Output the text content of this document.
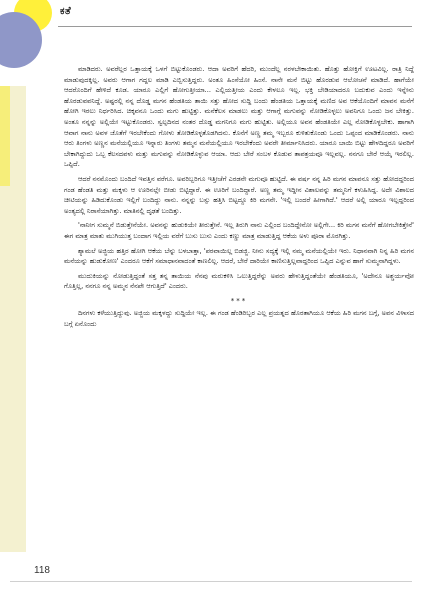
ಕತೆ

ಮಾಡಿದರು. ಅವರೆಲ್ಲರ ಒತ್ತಾಯಕ್ಕೆ ಒಳಗೆ ಬಿಟ್ಟುಕೊಂಡರು. ಆದಾ ಅವರಿಗೆ ಹೆದರಿ, ಮುಂದೆಲ್ಲ ನರಳಬೇಕಾಯಿತು. ಹೊತ್ತು ಹೋಕ್ತಿಗೆ ಊಟವಿಲ್ಲ. ರಾತ್ರಿ ನಿದ್ದೆ ಮಾಡುವುದಕ್ಕಿಲ್ಲ. ಅವರು ಆಗಾಗ ಗದ್ದಲ ಮಾಡಿ ಎಬ್ಬಿಸುತ್ತಿದ್ದರು. ಅಂತೂ ಹಿಂಸೆಯೋ ಹಿಂಸೆ. ನಾನೇ ಮನೆ ಬಿಟ್ಟು ಹೊರಡುವ ಆಲೋಚನೆ ಮಾಡಿದೆ. ಹಾಗೆಯೇ ಆದರೊಂದಿಗೆ ಹೇಳಿದೆ ಕೂಡ. ಯಾರೂ ಎಲ್ಲಿಗೆ ಹೋಗುತ್ತೀಯಾ... ಎಲ್ಲಿಯತ್ತೀಯ ಎಂದು ಕೇಳಲೂ ಇಲ್ಲ. ಭಕ್ತಿ ಬೇಡಿಯಾದರೂ ಬದುಕುವ ಎಂದು ಇನ್ನೇನು ಹೊರಡುವವನಿದ್ದೆ. ಅಷ್ಟರಲ್ಲಿ ನನ್ನ ದೊಡ್ಡ ಮಗನ ಹೆಂಡತಿಯ ತಾಯಿ ಸತ್ತು ಹೋದ ಸುದ್ದಿ ಬಂದು ಹೆಂಡತಿಯ ಒತ್ತಾಯಕ್ಕೆ ಮಣಿದ ಅವ ಆಕೆಯೊಂದಿಗೆ ಮಾವನ ಮನೆಗೆ ಹೋಗಿ ಇರಲು ನಿರ್ಧರಿಸಿದ. ಚಿಕ್ಕವನೂ ಒಂದು ಮಗು ಹುಟ್ಟಿತ್ತು. ಮನೆಕೆಲಸ ಮಾಡಲು ಮತ್ತು ಆಗಾಗ್ಗೆ ಮಗುವನ್ನು ನೋಡಿಕೊಳ್ಳಲು ಅವನಿಗೂ ಒಂದು ಜನ ಬೇಕಿತ್ತು. ಅಂತೂ ನನ್ನನ್ನು ಅಲ್ಲಿಯೇ ಇಟ್ಟುಕೊಂಡರು. ಸ್ವಲ್ಪದಿನದ ನಂತರ ದೊಡ್ಡ ಮಗನಿಗೂ ಮಗು ಹುಟ್ಟಿತು. ಅಲ್ಲಿಯೂ ಅವನ ಹೆಂಡತಿಯೇ ಎಲ್ಲ ನೋಡಿಕೊಳ್ಳಬೇಕು. ಹಾಗಾಗಿ ಆವಾಗ ನಾನು ಅವಳ ಜೊತೆಗೆ ಇರಬೇಕೆಂದು ಗೋಳು ತೋಡಿಕೊಳ್ಳತೊಡಗಿದನು. ಕೊನೆಗೆ ಅಣ್ಣ ತಮ್ಮ ಇಬ್ಬರೂ ಕುಳಿತುಕೊಂಡು ಒಂದು ಒಪ್ಪಂದ ಮಾಡಿಕೊಂಡರು. ನಾನು ಆರು ತಿಂಗಳು ಅಣ್ಣನ ಮನೆಯಲ್ಲಿಯೂ ಇನ್ನಾರು ತಿಂಗಳು ತಮ್ಮನ ಮನೆಯಲ್ಲಿಯೂ ಇರಬೇಕೆಂದು ಅವರೇ ತೀರ್ಮಾನಿಸಿದರು. ಯಾರೂ ಬಾಯಿ ಬಿಟ್ಟು ಹೇಳದಿದ್ದರೂ ಅವರಿಗೆ ಬೇಕಾಗಿದ್ದುದು ಒಬ್ಬ ಕೆಲಸದವಳು ಮತ್ತು ಮಗುವನ್ನು ನೋಡಿಕೊಳ್ಳುವ ಆಯಾ. ಆದು ಬೇರೆ ಸಂಬಳ ಕೊಡುವ ತಾಪತ್ರಯವೂ ಇಲ್ಲವಲ್ಲ. ನನಗೂ ಬೇರೆ ಆಯ್ಕೆ ಇರಲಿಲ್ಲ. ಒಪ್ಪಿದೆ.

ಆದರೆ ನನಮೊಂದು ಬಂದಿದೆ ಇವತ್ತಿನ ವರೆಗೂ. ಅವರಿಬ್ಬರಿಗೂ ಇತ್ತೀಚೆಗೆ ಎರಡನೇ ಮಗುವೂ ಹುಟ್ಟಿದೆ. ಈ ವರ್ಷ ನನ್ನ ಹಿರಿ ಮಗನ ಮಾವನೂ ಸತ್ತು ಹೋದದ್ದರಿಂದ ಗಂಡ ಹೆಂಡತಿ ಮತ್ತು ಮಕ್ಕಳು ಆ ಊರಿನಲ್ಲೇ ಬೀಡು ಬಿಟ್ಟಿದ್ದಾರೆ. ಈ ಊರಿಗೆ ಬಂದಿದ್ದಾರೆ. ಅಣ್ಣ ತಮ್ಮ ಇದ್ದೀನ ವಿಶಾಲವನ್ನು ತಮ್ಮನಿಗೆ ಕಳುಹಿಸಿದ್ದ. ಅದೇ ವಿಶಾಲದ ಚೀಟಿಯನ್ನು ಹಿಡಿದುಕೊಂಡು ಇಲ್ಲಿಗೆ ಬಂದಿದ್ದು ನಾನು. ನನ್ನನ್ನು ಬಸ್ಸು ಹತ್ತಿಸಿ ಬಿಟ್ಟದ್ದೂ ಕಿರಿ ಮಗನೇ. 'ಇಲ್ಲಿ ಬಂದರೆ ಹೀಗಾಗಿದೆ.' ಆದರೆ ಅಲ್ಲಿ ಯಾರೂ ಇಲ್ಲದ್ದರಿಂದ ಅಂತ್ಯದಲ್ಲಿ ನಿರಾಸೆಯಾಗಿತ್ತು. ಮಾತಿನಲ್ಲಿ ದೃಢತೆ ಬಂದಿತ್ತು.

'ನಾನೀಗ ಸುಮ್ಮನೆ ಬಿಡುತ್ತೇನೆಯೇ. ಅವನನ್ನು ಹುಡುಕಿಯೇ ತೀರುತ್ತೇನೆ. ಇಲ್ಲ ತಿರುಗಿ ನಾನು ಎಲ್ಲಿಂದ ಬಂದಿದ್ದೇನೋ ಅಲ್ಲಿಗೇ... ಕಿರಿ ಮಗನ ಮನೆಗೆ ಹೋಗಬೇಕಿತ್ತೇನೆ' ಈಗ ಮಾತ್ರ ಮಾತು ಮುಗಿಯುತ್ತ ಬಂದಾಗ ಇಲ್ಲಿಯ ವರೆಗೆ ಬುಸು ಬುಸು ಎಂದು ಕಣ್ಣು ಮಾತ್ರ ಮಾಡುತ್ತಿದ್ದ ಆಕೆಯ ಅಳು ಪೂರಾ ಮೊರಗಿತ್ತು.

ಶ್ಯಾಮಲೆ ಅಜ್ಜಿಯ ಹತ್ತಿರ ಹೋಗಿ ಆಕೆಯ ಬೆನ್ನು ಬಳಬಾತ್ತಾ, 'ಪರವಾಯಿಲ್ಲ ಬಿಡಜ್ಜಿ. ನೀನು ಸದ್ಯಕ್ಕೆ ಇಲ್ಲಿ ನಮ್ಮ ಮನೆಯಲ್ಲಿಯೇ ಇರು. ನಿಧಾನವಾಗಿ ನಿನ್ನ ಹಿರಿ ಮಗನ ಮನೆಯನ್ನು ಹುಡುಕೋಣ' ಎಂದರೂ ಆಕೆಗೆ ಸಮಾಧಾನವಾದಂತೆ ಕಾಣಲಿಲ್ಲ. ಆದರೆ, ಬೇರೆ ದಾರಿಯೇ ಕಾಣಿಸುತ್ತಿಲ್ಲವಾದ್ದರಿಂದ ಒಪ್ಪಿದ ಎನ್ನುವ ಹಾಗೆ ಸುಮ್ಮನಾಗಿದ್ದಳು.

ಮುದುಕಿಯನ್ನು ನೋಡುತ್ತಿದ್ದಂತೆ ಸತ್ತ ತನ್ನ ತಾಯಿಯ ನೆನಪು ಮರುಕಳಿಸಿ ಒಲುತ್ತಿದ್ದರೆನ್ನು ಅವರು ಹೇಳುತ್ತಿದ್ದಂತೆಯೇ ಹೆಂಡತಿಯೂ, 'ಅದೇನೂ ಅಶ್ಚರ್ಯವೋ ಗೊತ್ತಿಲ್ಲ, ನನಗೂ ನನ್ನ ಅಮ್ಮನ ನೆನಪೇ ಆಗುತ್ತಿದೆ' ಎಂದರು.

***

ದಿನಗಳು ಕಳೆಯುತ್ತಿದ್ದುವು. ಅಜ್ಜಿಯ ಮಕ್ಕಳದ್ದು ಸುದ್ದಿಯೇ ಇಲ್ಲ. ಈ ಗಂಡ ಹೆಂಡಿರಿಬ್ಬರ ಎಲ್ಲ ಪ್ರಯತ್ನದ ಹೊರತಾಗಿಯೂ ಆಕೆಯ ಹಿರಿ ಮಗನ ಬಗ್ಗೆ, ಅವನ ವಿಳಾಸದ ಬಗ್ಗೆ ಏನೊಂದು

118
